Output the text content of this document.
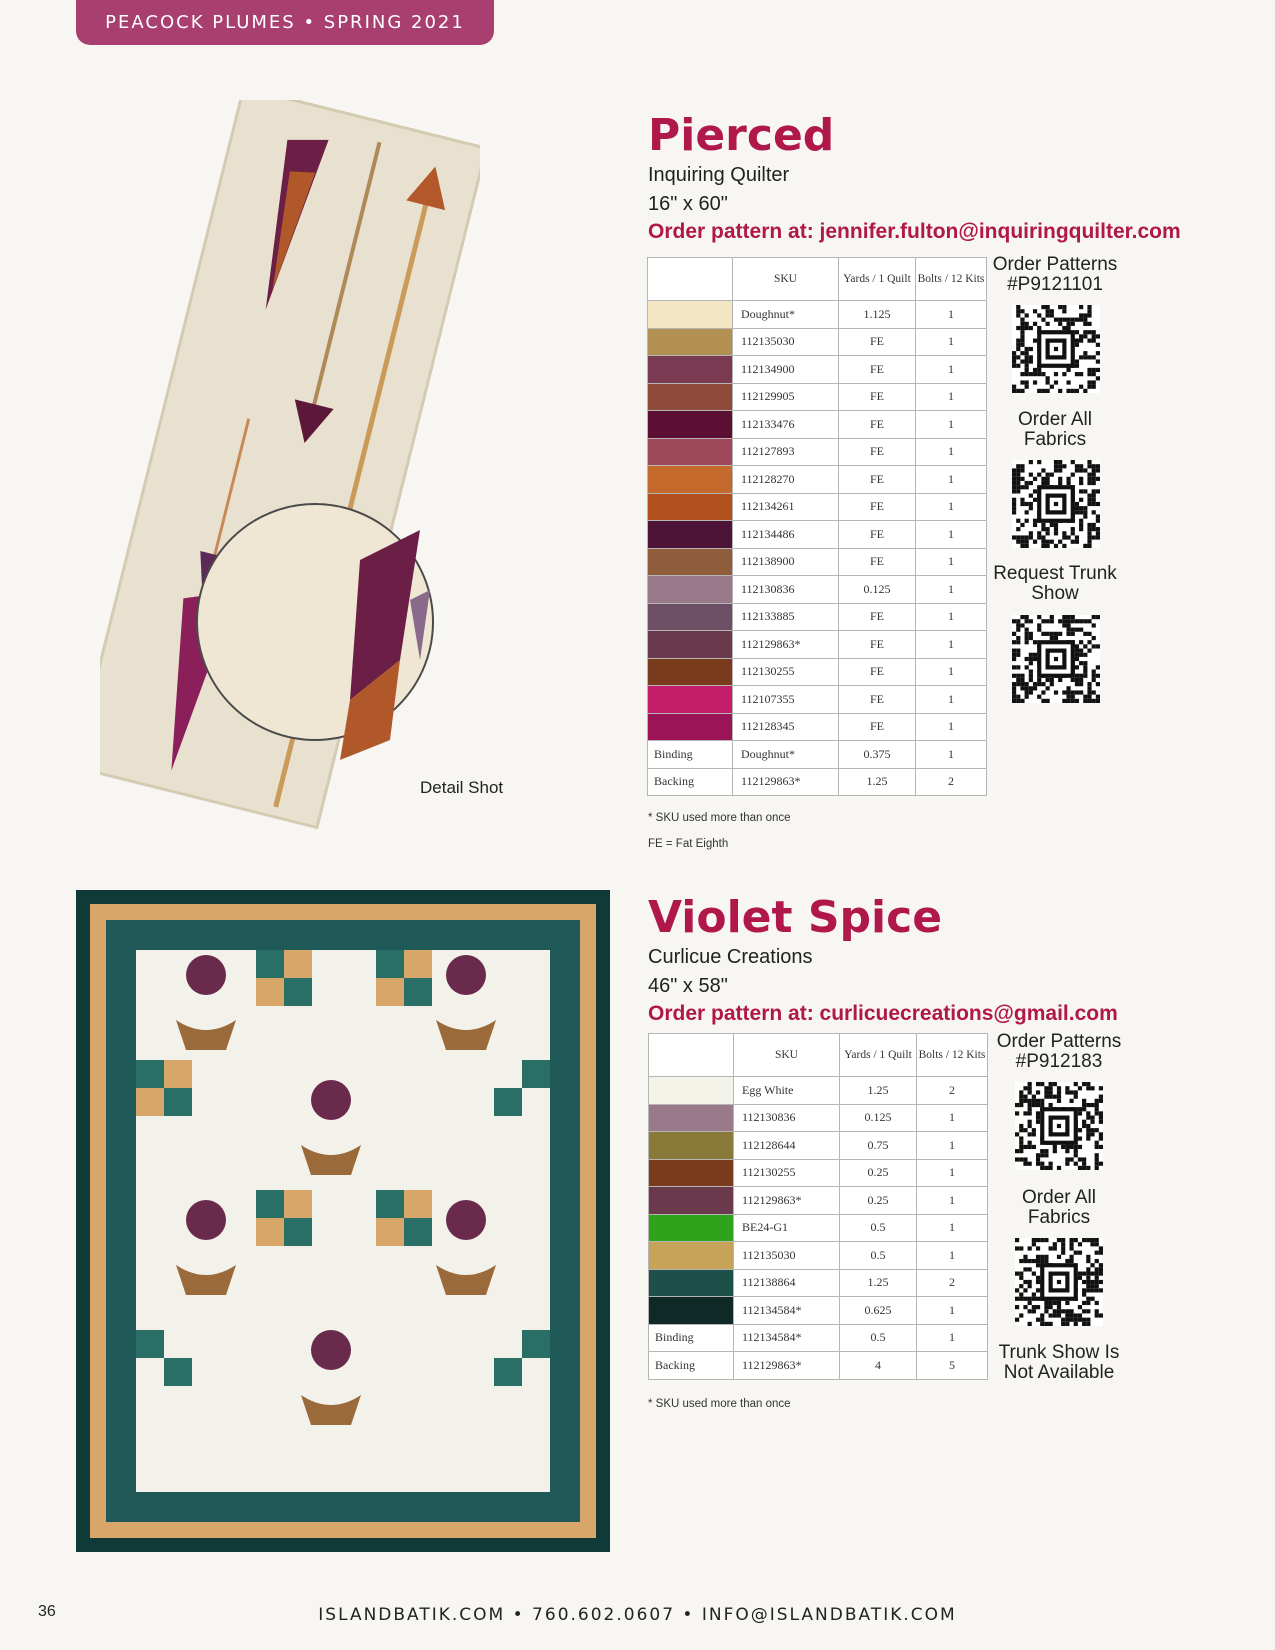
PEACOCK PLUMES • SPRING 2021
Detail Shot
Pierced
Inquiring Quilter
16" x 60"
Order pattern at: jennifer.fulton@inquiringquilter.com
	SKU	Yards / 1 Quilt	Bolts / 12 Kits
	Doughnut*	1.125	1
	112135030	FE	1
	112134900	FE	1
	112129905	FE	1
	112133476	FE	1
	112127893	FE	1
	112128270	FE	1
	112134261	FE	1
	112134486	FE	1
	112138900	FE	1
	112130836	0.125	1
	112133885	FE	1
	112129863*	FE	1
	112130255	FE	1
	112107355	FE	1
	112128345	FE	1
Binding	Doughnut*	0.375	1
Backing	112129863*	1.25	2
* SKU used more than once
FE = Fat Eighth
Order Patterns #P9121101
Order All Fabrics
Request Trunk Show
Violet Spice
Curlicue Creations
46" x 58"
Order pattern at: curlicuecreations@gmail.com
	SKU	Yards / 1 Quilt	Bolts / 12 Kits
	Egg White	1.25	2
	112130836	0.125	1
	112128644	0.75	1
	112130255	0.25	1
	112129863*	0.25	1
	BE24-G1	0.5	1
	112135030	0.5	1
	112138864	1.25	2
	112134584*	0.625	1
Binding	112134584*	0.5	1
Backing	112129863*	4	5
* SKU used more than once
Order Patterns #P912183
Order All Fabrics
Trunk Show Is Not Available
36	ISLANDBATIK.COM • 760.602.0607 • INFO@ISLANDBATIK.COM
